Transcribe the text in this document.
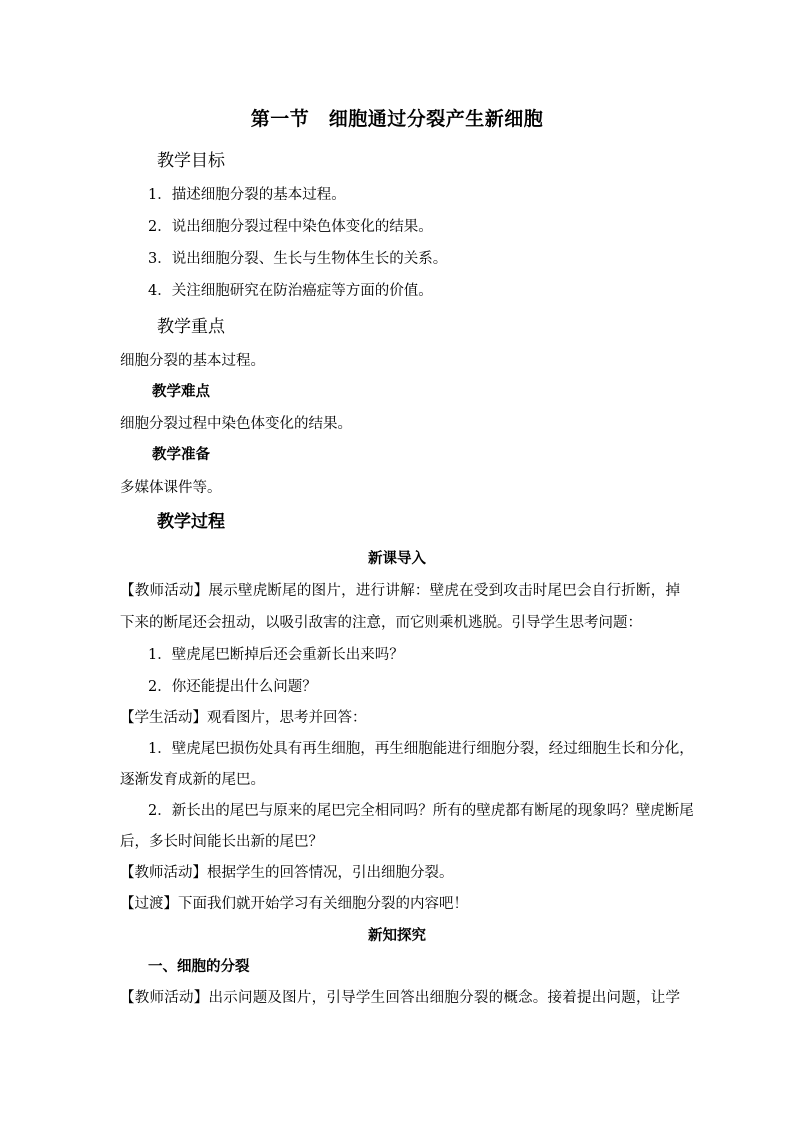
第一节　细胞通过分裂产生新细胞
教学目标
1．描述细胞分裂的基本过程。
2．说出细胞分裂过程中染色体变化的结果。
3．说出细胞分裂、生长与生物体生长的关系。
4．关注细胞研究在防治癌症等方面的价值。
教学重点
细胞分裂的基本过程。
教学难点
细胞分裂过程中染色体变化的结果。
教学准备
多媒体课件等。
教学过程
新课导入
【教师活动】展示壁虎断尾的图片，进行讲解：壁虎在受到攻击时尾巴会自行折断，掉
下来的断尾还会扭动，以吸引敌害的注意，而它则乘机逃脱。引导学生思考问题：
1．壁虎尾巴断掉后还会重新长出来吗？
2．你还能提出什么问题？
【学生活动】观看图片，思考并回答：
1．壁虎尾巴损伤处具有再生细胞，再生细胞能进行细胞分裂，经过细胞生长和分化，
逐渐发育成新的尾巴。
2．新长出的尾巴与原来的尾巴完全相同吗？所有的壁虎都有断尾的现象吗？壁虎断尾
后，多长时间能长出新的尾巴？
【教师活动】根据学生的回答情况，引出细胞分裂。
【过渡】下面我们就开始学习有关细胞分裂的内容吧！
新知探究
一、细胞的分裂
【教师活动】出示问题及图片，引导学生回答出细胞分裂的概念。接着提出问题，让学
